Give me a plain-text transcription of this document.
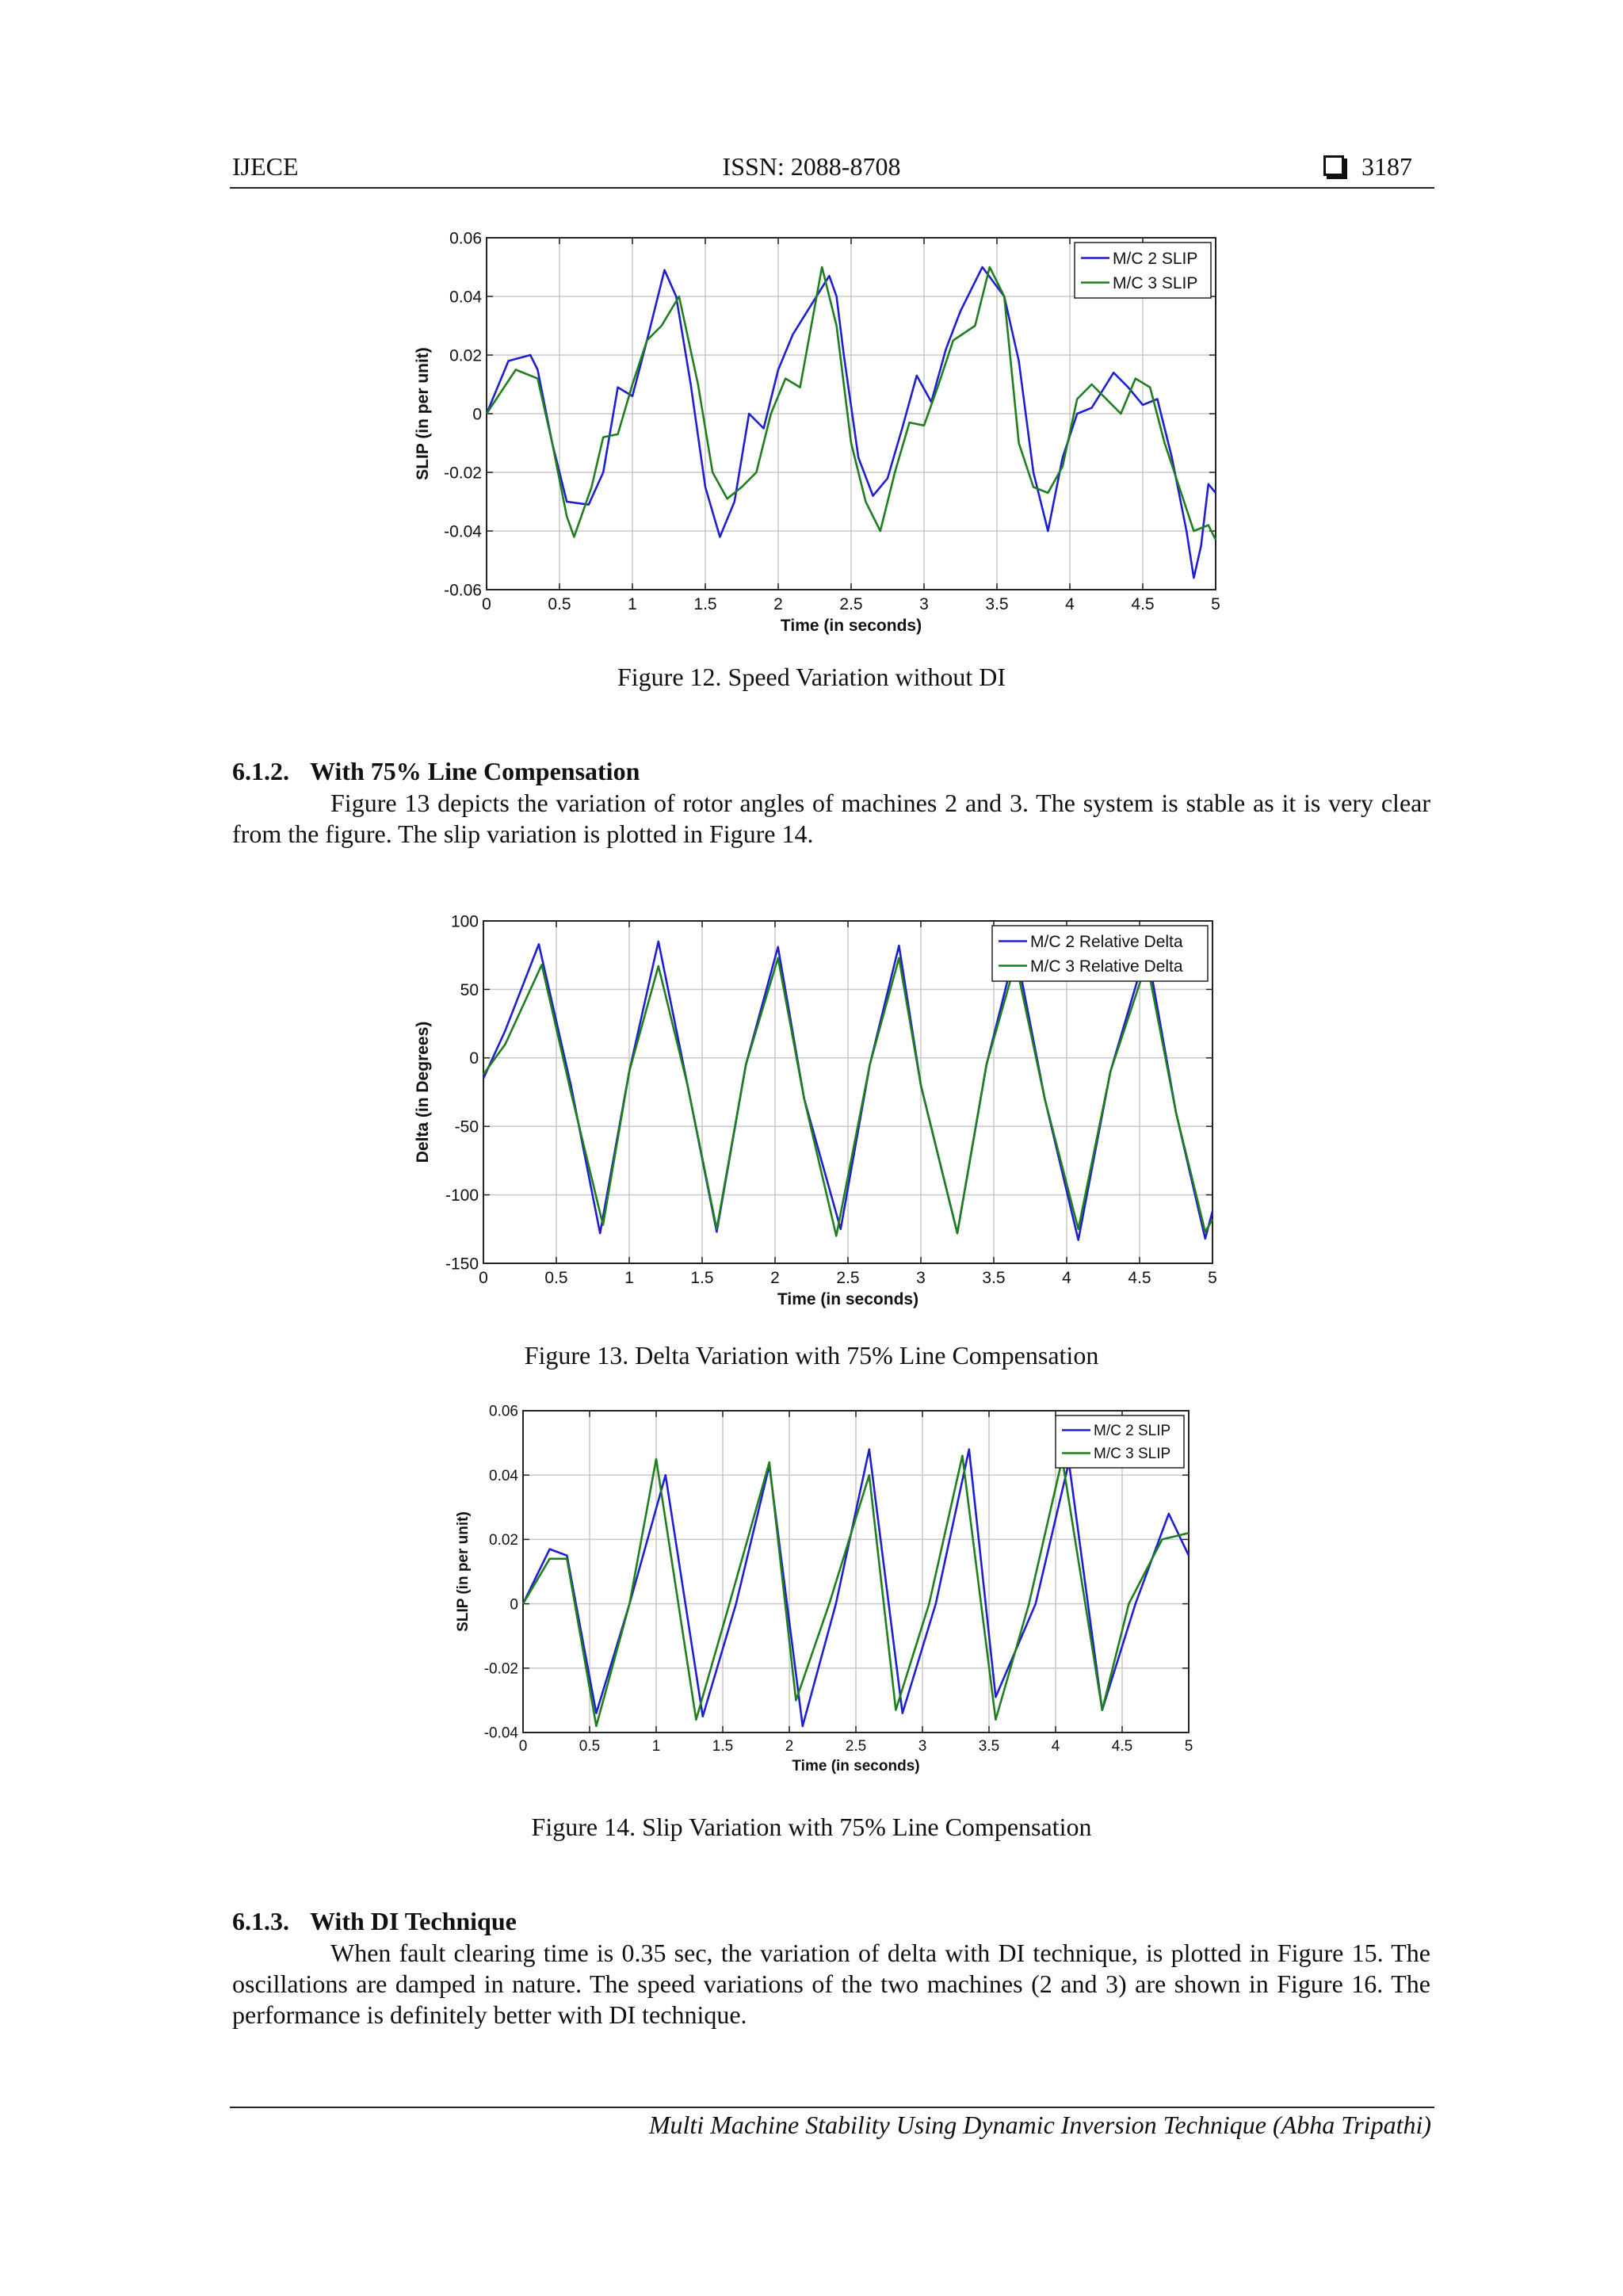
IJECE	ISSN: 2088-8708	3187
0	0.5	1	1.5	2	2.5	3	3.5	4	4.5	5
-0.06
-0.04
-0.02
0
0.02
0.04
0.06
Time (in seconds)
SLIP (in per unit)
M/C 2 SLIP
M/C 3 SLIP
Figure 12. Speed Variation without DI
6.1.2. With 75% Line Compensation

Figure 13 depicts the variation of rotor angles of machines 2 and 3. The system is stable as it is very clear from the figure. The slip variation is plotted in Figure 14.

0	0.5	1	1.5	2	2.5	3	3.5	4	4.5	5
-150
-100
-50
0
50
100
Time (in seconds)
Delta (in Degrees)
M/C 2 Relative Delta
M/C 3 Relative Delta
Figure 13. Delta Variation with 75% Line Compensation
0	0.5	1	1.5	2	2.5	3	3.5	4	4.5	5
-0.04
-0.02
0
0.02
0.04
0.06
Time (in seconds)
SLIP (in per unit)
M/C 2 SLIP
M/C 3 SLIP
Figure 14. Slip Variation with 75% Line Compensation
6.1.3. With DI Technique

When fault clearing time is 0.35 sec, the variation of delta with DI technique, is plotted in Figure 15. The oscillations are damped in nature. The speed variations of the two machines (2 and 3) are shown in Figure 16. The performance is definitely better with DI technique.

Multi Machine Stability Using Dynamic Inversion Technique (Abha Tripathi)
